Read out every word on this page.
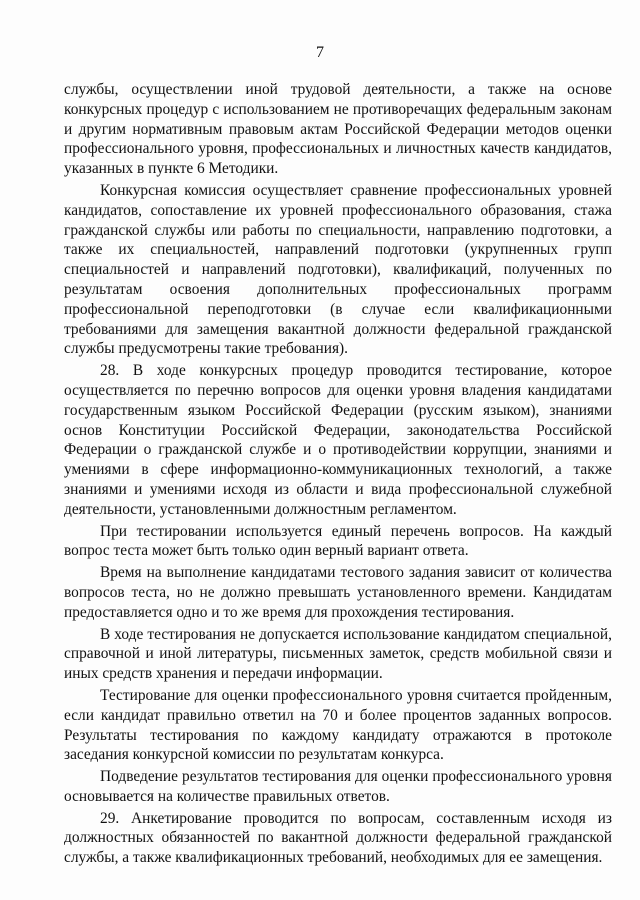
7

службы, осуществлении иной трудовой деятельности, а также на основе конкурсных процедур с использованием не противоречащих федеральным законам и другим нормативным правовым актам Российской Федерации методов оценки профессионального уровня, профессиональных и личностных качеств кандидатов, указанных в пункте 6 Методики.

Конкурсная комиссия осуществляет сравнение профессиональных уровней кандидатов, сопоставление их уровней профессионального образования, стажа гражданской службы или работы по специальности, направлению подготовки, а также их специальностей, направлений подготовки (укрупненных групп специальностей и направлений подготовки), квалификаций, полученных по результатам освоения дополнительных профессиональных программ профессиональной переподготовки (в случае если квалификационными требованиями для замещения вакантной должности федеральной гражданской службы предусмотрены такие требования).

28. В ходе конкурсных процедур проводится тестирование, которое осуществляется по перечню вопросов для оценки уровня владения кандидатами государственным языком Российской Федерации (русским языком), знаниями основ Конституции Российской Федерации, законодательства Российской Федерации о гражданской службе и о противодействии коррупции, знаниями и умениями в сфере информационно-коммуникационных технологий, а также знаниями и умениями исходя из области и вида профессиональной служебной деятельности, установленными должностным регламентом.

При тестировании используется единый перечень вопросов. На каждый вопрос теста может быть только один верный вариант ответа.

Время на выполнение кандидатами тестового задания зависит от количества вопросов теста, но не должно превышать установленного времени. Кандидатам предоставляется одно и то же время для прохождения тестирования.

В ходе тестирования не допускается использование кандидатом специальной, справочной и иной литературы, письменных заметок, средств мобильной связи и иных средств хранения и передачи информации.

Тестирование для оценки профессионального уровня считается пройденным, если кандидат правильно ответил на 70 и более процентов заданных вопросов. Результаты тестирования по каждому кандидату отражаются в протоколе заседания конкурсной комиссии по результатам конкурса.

Подведение результатов тестирования для оценки профессионального уровня основывается на количестве правильных ответов.

29. Анкетирование проводится по вопросам, составленным исходя из должностных обязанностей по вакантной должности федеральной гражданской службы, а также квалификационных требований, необходимых для ее замещения.
